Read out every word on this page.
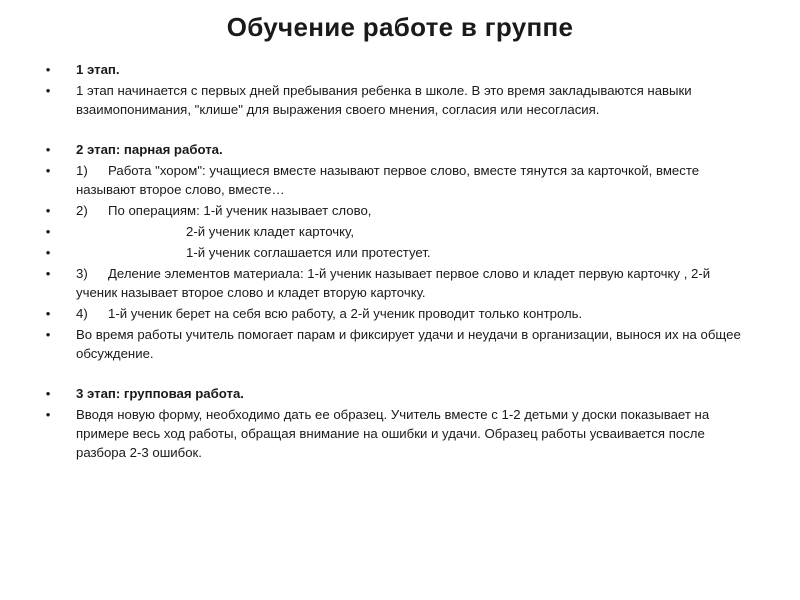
Обучение работе в группе
• 1 этап.
• 1 этап начинается с первых дней пребывания ребенка в школе. В это время закладываются навыки взаимопонимания, "клише" для выражения своего мнения, согласия или несогласия.
• 2 этап: парная работа.
• 1) Работа "хором": учащиеся вместе называют первое слово, вместе тянутся за карточкой, вместе называют второе слово, вместе…
• 2) По операциям: 1-й ученик называет слово,
•	2-й ученик кладет карточку,
•	1-й ученик соглашается или протестует.
• 3) Деление элементов материала: 1-й ученик называет первое слово и кладет первую карточку , 2-й ученик называет второе слово и кладет вторую карточку.
• 4) 1-й ученик берет на себя всю работу, а 2-й ученик проводит только контроль.
• Во время работы учитель помогает парам и фиксирует удачи и неудачи в организации, вынося их на общее обсуждение.
• 3 этап: групповая работа.
• Вводя новую форму, необходимо дать ее образец. Учитель вместе с 1-2 детьми у доски показывает на примере весь ход работы, обращая внимание на ошибки и удачи. Образец работы усваивается после разбора 2-3 ошибок.
